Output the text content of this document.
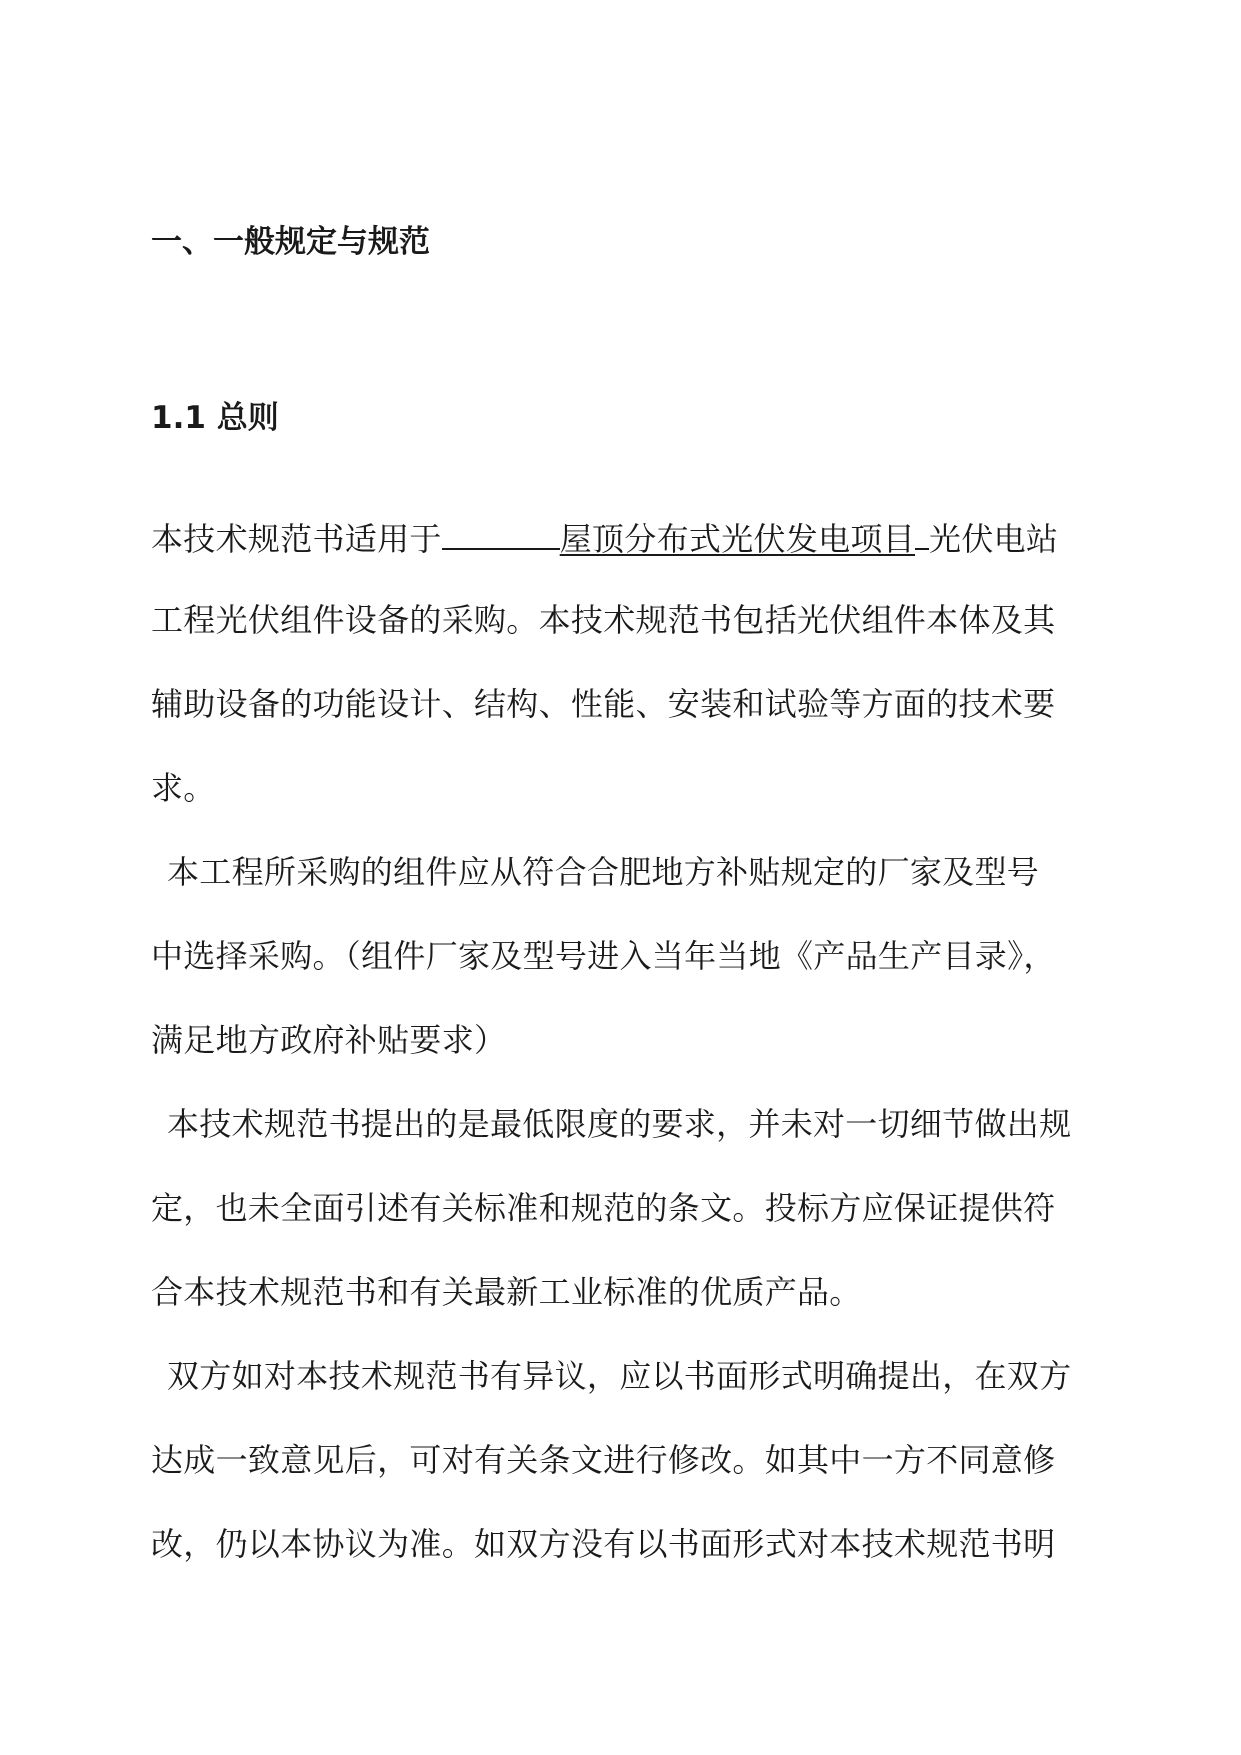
一、一般规定与规范
1.1 总则
本技术规范书适用于	屋顶分布式光伏发电项目 光伏电站
工程光伏组件设备的采购。本技术规范书包括光伏组件本体及其
辅助设备的功能设计、结构、性能、安装和试验等方面的技术要
求。
本工程所采购的组件应从符合合肥地方补贴规定的厂家及型号
中选择采购。（组件厂家及型号进入当年当地《产品生产目录》，
满足地方政府补贴要求）
本技术规范书提出的是最低限度的要求，并未对一切细节做出规
定，也未全面引述有关标准和规范的条文。投标方应保证提供符
合本技术规范书和有关最新工业标准的优质产品。
双方如对本技术规范书有异议，应以书面形式明确提出，在双方
达成一致意见后，可对有关条文进行修改。如其中一方不同意修
改，仍以本协议为准。如双方没有以书面形式对本技术规范书明
